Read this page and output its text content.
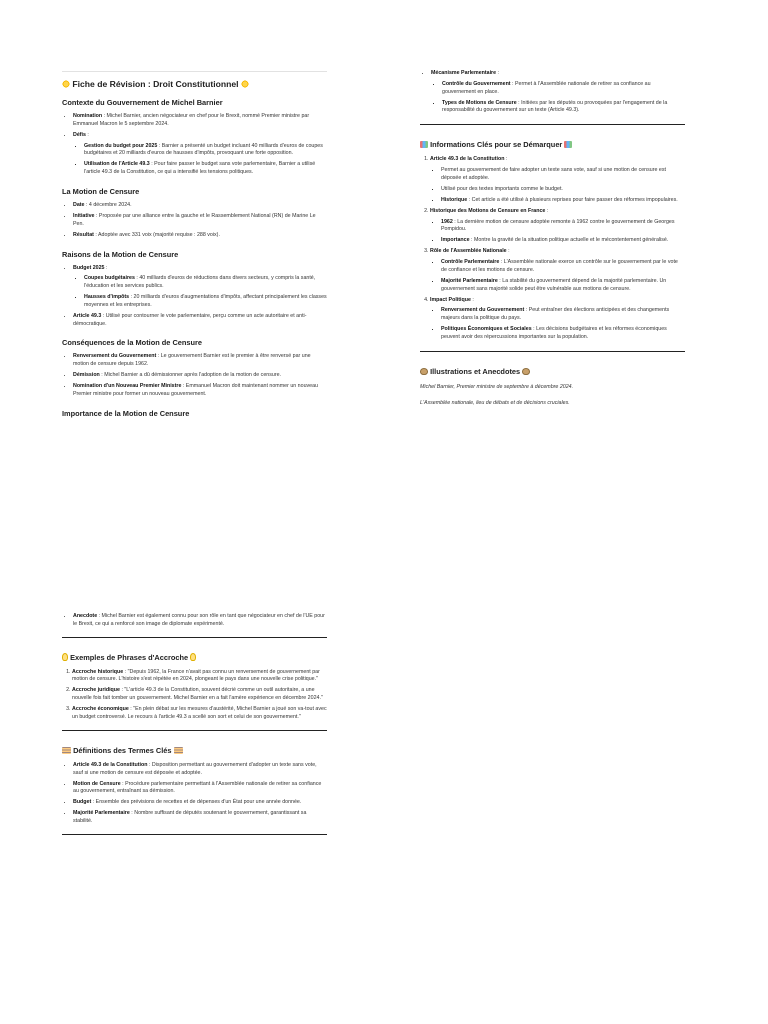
Fiche de Révision : Droit Constitutionnel
Contexte du Gouvernement de Michel Barnier
• Nomination : Michel Barnier, ancien négociateur en chef pour le Brexit, nommé Premier ministre par Emmanuel Macron le 5 septembre 2024.
• Défis :
▪ Gestion du budget pour 2025 : Barnier a présenté un budget incluant 40 milliards d'euros de coupes budgétaires et 20 milliards d'euros de hausses d'impôts, provoquant une forte opposition.
▪ Utilisation de l'Article 49.3 : Pour faire passer le budget sans vote parlementaire, Barnier a utilisé l'article 49.3 de la Constitution, ce qui a intensifié les tensions politiques.
La Motion de Censure
• Date : 4 décembre 2024.
• Initiative : Proposée par une alliance entre la gauche et le Rassemblement National (RN) de Marine Le Pen.
• Résultat : Adoptée avec 331 voix (majorité requise : 288 voix).
Raisons de la Motion de Censure
• Budget 2025 :
▪ Coupes budgétaires : 40 milliards d'euros de réductions dans divers secteurs, y compris la santé, l'éducation et les services publics.
▪ Hausses d'impôts : 20 milliards d'euros d'augmentations d'impôts, affectant principalement les classes moyennes et les entreprises.
• Article 49.3 : Utilisé pour contourner le vote parlementaire, perçu comme un acte autoritaire et anti-démocratique.
Conséquences de la Motion de Censure
• Renversement du Gouvernement : Le gouvernement Barnier est le premier à être renversé par une motion de censure depuis 1962.
• Démission : Michel Barnier a dû démissionner après l'adoption de la motion de censure.
• Nomination d'un Nouveau Premier Ministre : Emmanuel Macron doit maintenant nommer un nouveau Premier ministre pour former un nouveau gouvernement.
Importance de la Motion de Censure
• Anecdote : Michel Barnier est également connu pour son rôle en tant que négociateur en chef de l'UE pour le Brexit, ce qui a renforcé son image de diplomate expérimenté.
Exemples de Phrases d'Accroche
1. Accroche historique : "Depuis 1962, la France n'avait pas connu un renversement de gouvernement par motion de censure. L'histoire s'est répétée en 2024, plongeant le pays dans une nouvelle crise politique."
2. Accroche juridique : "L'article 49.3 de la Constitution, souvent décrié comme un outil autoritaire, a une nouvelle fois fait tomber un gouvernement. Michel Barnier en a fait l'amère expérience en décembre 2024."
3. Accroche économique : "En plein débat sur les mesures d'austérité, Michel Barnier a joué son va-tout avec un budget controversé. Le recours à l'article 49.3 a scellé son sort et celui de son gouvernement."
Définitions des Termes Clés
• Article 49.3 de la Constitution : Disposition permettant au gouvernement d'adopter un texte sans vote, sauf si une motion de censure est déposée et adoptée.
• Motion de Censure : Procédure parlementaire permettant à l'Assemblée nationale de retirer sa confiance au gouvernement, entraînant sa démission.
• Budget : Ensemble des prévisions de recettes et de dépenses d'un État pour une année donnée.
• Majorité Parlementaire : Nombre suffisant de députés soutenant le gouvernement, garantissant sa stabilité.
• Mécanisme Parlementaire :
▪ Contrôle du Gouvernement : Permet à l'Assemblée nationale de retirer sa confiance au gouvernement en place.
▪ Types de Motions de Censure : Initiées par les députés ou provoquées par l'engagement de la responsabilité du gouvernement sur un texte (Article 49.3).
Informations Clés pour se Démarquer
1. Article 49.3 de la Constitution :
▪ Permet au gouvernement de faire adopter un texte sans vote, sauf si une motion de censure est déposée et adoptée.
▪ Utilisé pour des textes importants comme le budget.
▪ Historique : Cet article a été utilisé à plusieurs reprises pour faire passer des réformes impopulaires.
2. Historique des Motions de Censure en France :
▪ 1962 : La dernière motion de censure adoptée remonte à 1962 contre le gouvernement de Georges Pompidou.
▪ Importance : Montre la gravité de la situation politique actuelle et le mécontentement généralisé.
3. Rôle de l'Assemblée Nationale :
▪ Contrôle Parlementaire : L'Assemblée nationale exerce un contrôle sur le gouvernement par le vote de confiance et les motions de censure.
▪ Majorité Parlementaire : La stabilité du gouvernement dépend de la majorité parlementaire. Un gouvernement sans majorité solide peut être vulnérable aux motions de censure.
4. Impact Politique :
▪ Renversement du Gouvernement : Peut entraîner des élections anticipées et des changements majeurs dans la politique du pays.
▪ Politiques Économiques et Sociales : Les décisions budgétaires et les réformes économiques peuvent avoir des répercussions importantes sur la population.
Illustrations et Anecdotes

Michel Barnier, Premier ministre de septembre à décembre 2024.

L'Assemblée nationale, lieu de débats et de décisions cruciales.
